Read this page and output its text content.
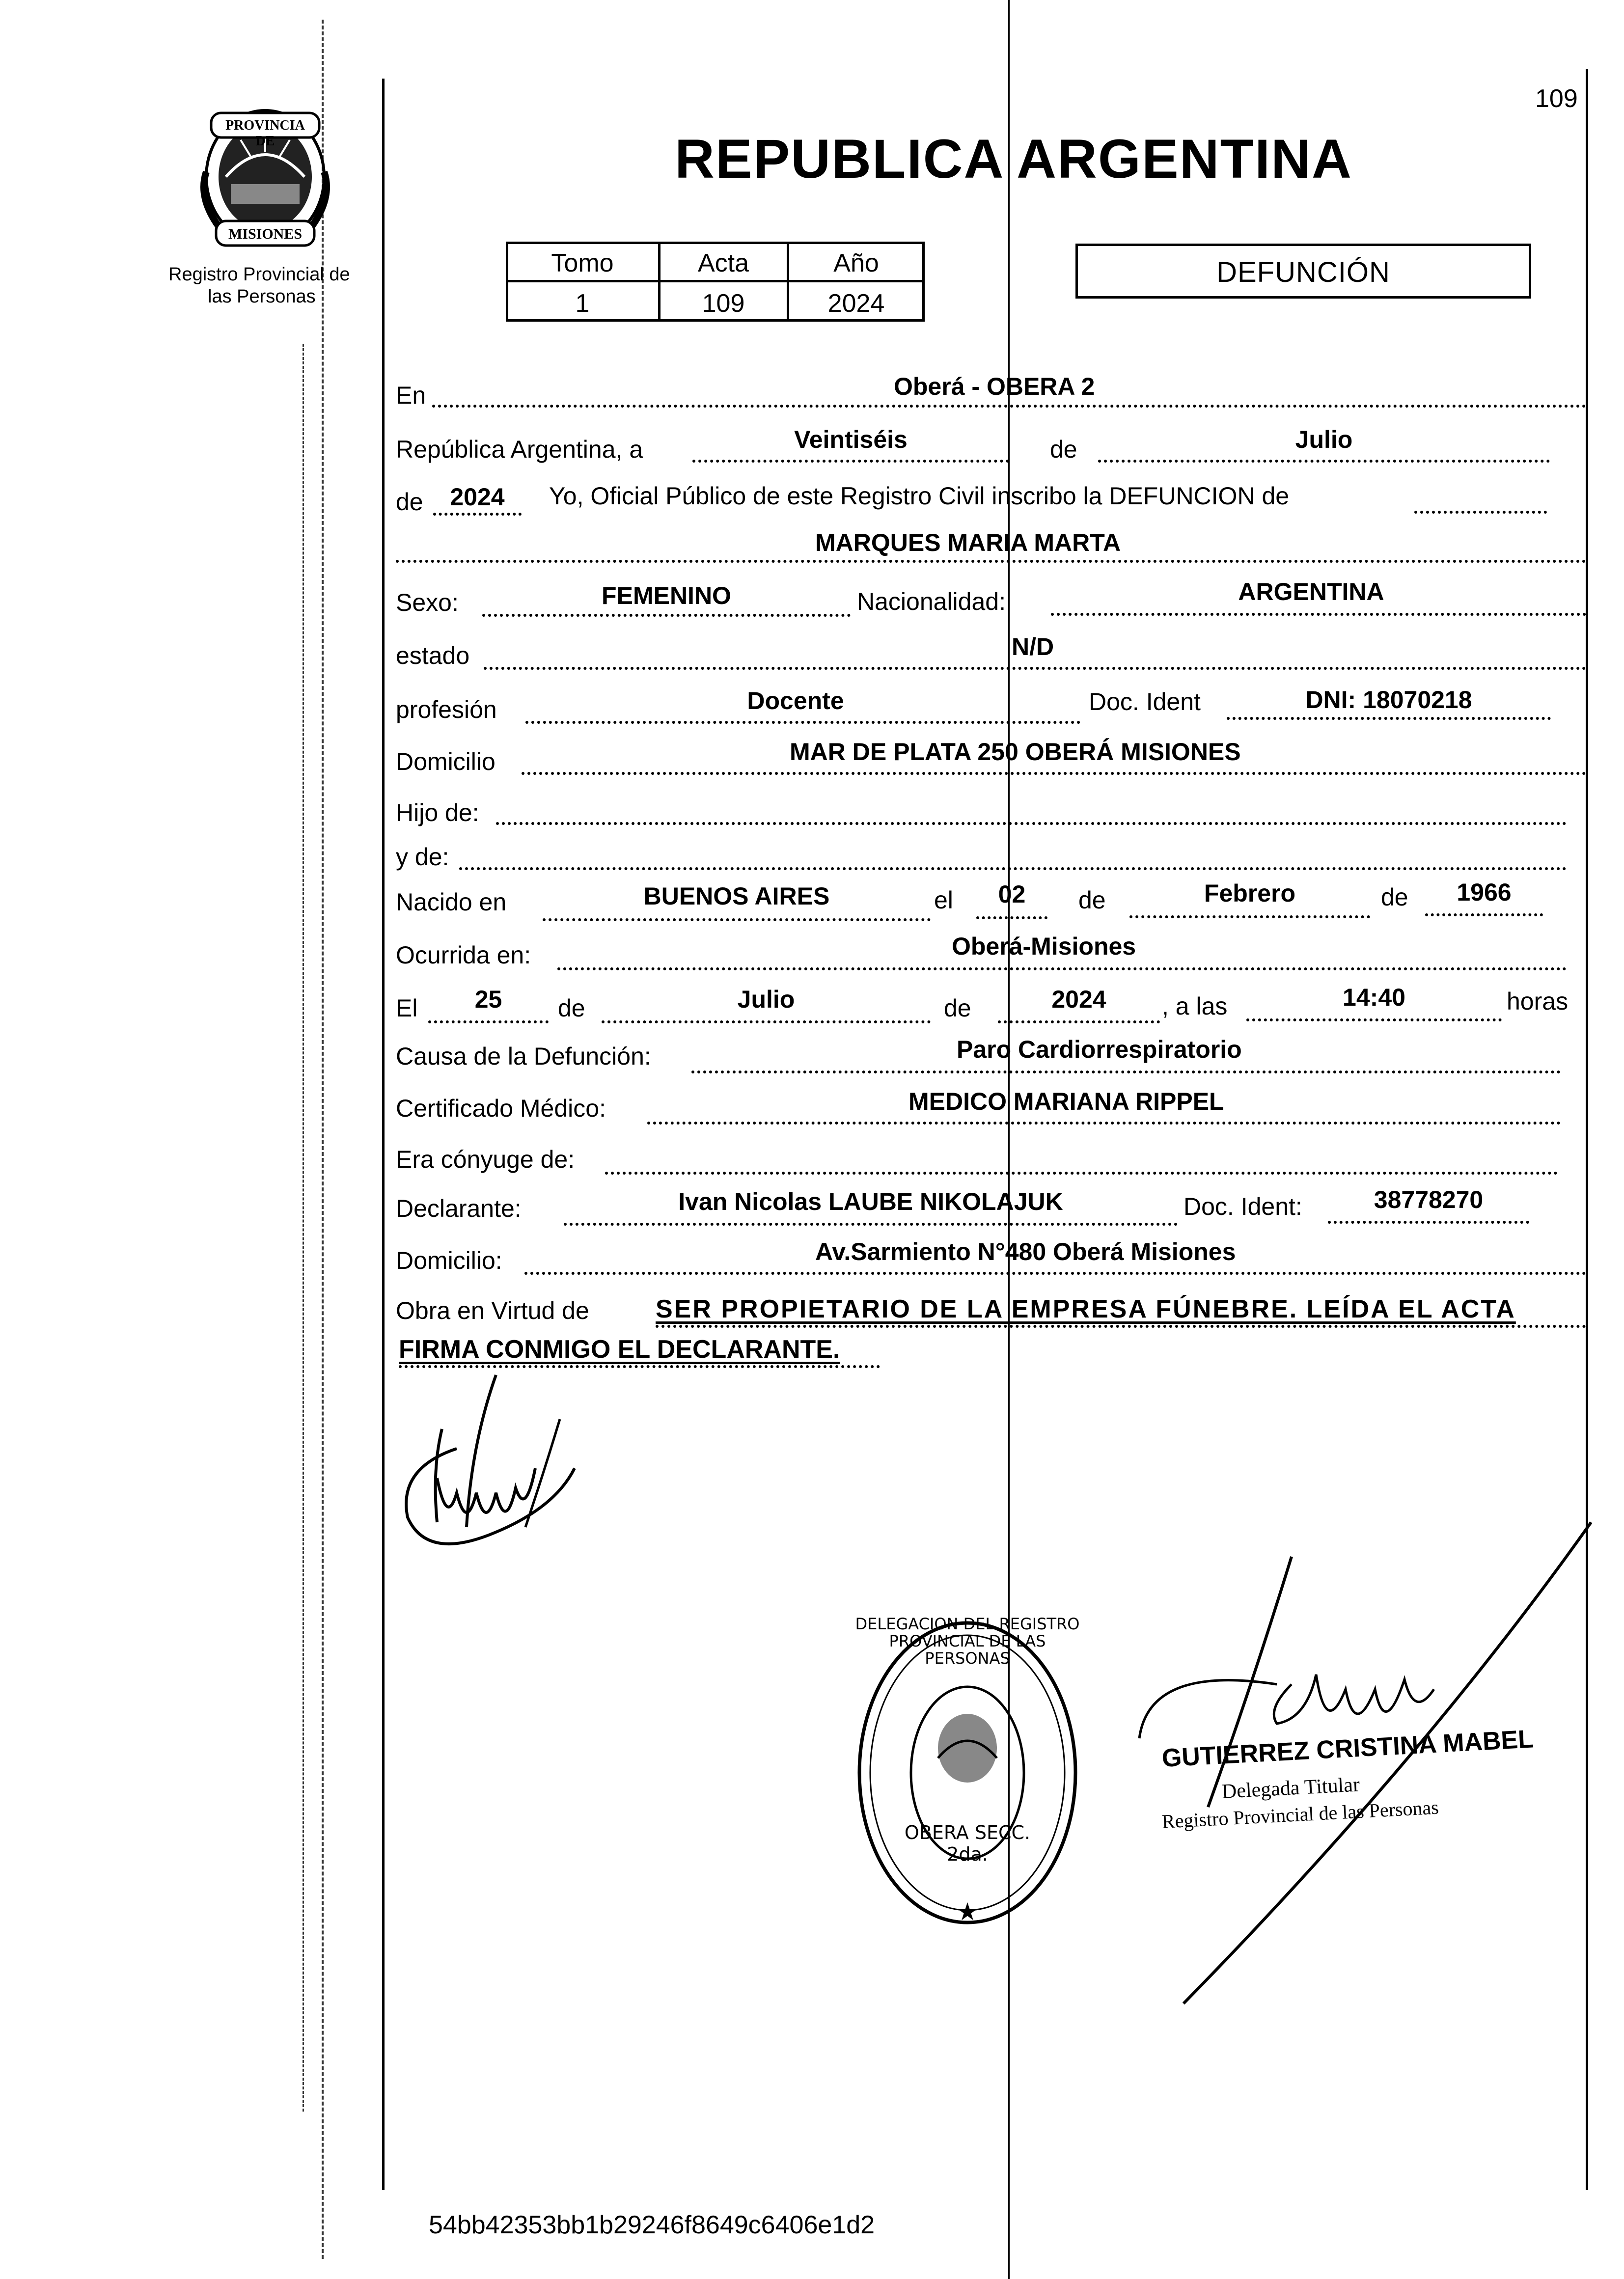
109
PROVINCIA DE
MISIONES
Registro Provincial de
las Personas
REPUBLICA ARGENTINA
Tomo	Acta	Año
1	109	2024
DEFUNCIÓN
En	Oberá - OBERA 2
República Argentina, a	Veintiséis	de	Julio
de	2024	Yo, Oficial Público de este Registro Civil inscribo la DEFUNCION de
MARQUES MARIA MARTA
Sexo:	FEMENINO	Nacionalidad:	ARGENTINA
estado	N/D
profesión	Docente	Doc. Ident	DNI: 18070218
Domicilio	MAR DE PLATA 250 OBERÁ MISIONES
Hijo de:
y de:
Nacido en	BUENOS AIRES	el	02	de	Febrero	de	1966
Ocurrida en:	Oberá-Misiones
El	25	de	Julio	de	2024	, a las	14:40	horas
Causa de la Defunción:	Paro Cardiorrespiratorio
Certificado Médico:	MEDICO MARIANA RIPPEL
Era cónyuge de:
Declarante:	Ivan Nicolas LAUBE NIKOLAJUK	Doc. Ident:	38778270
Domicilio:	Av.Sarmiento N°480 Oberá Misiones
Obra en Virtud de	SER PROPIETARIO DE LA EMPRESA FÚNEBRE. LEÍDA EL ACTA
FIRMA CONMIGO EL DECLARANTE.
★
DELEGACION DEL REGISTRO PROVINCIAL DE LAS PERSONAS
OBERA SECC. 2da.
GUTIERREZ CRISTINA MABEL
Delegada Titular
Registro Provincial de las Personas
54bb42353bb1b29246f8649c6406e1d2
